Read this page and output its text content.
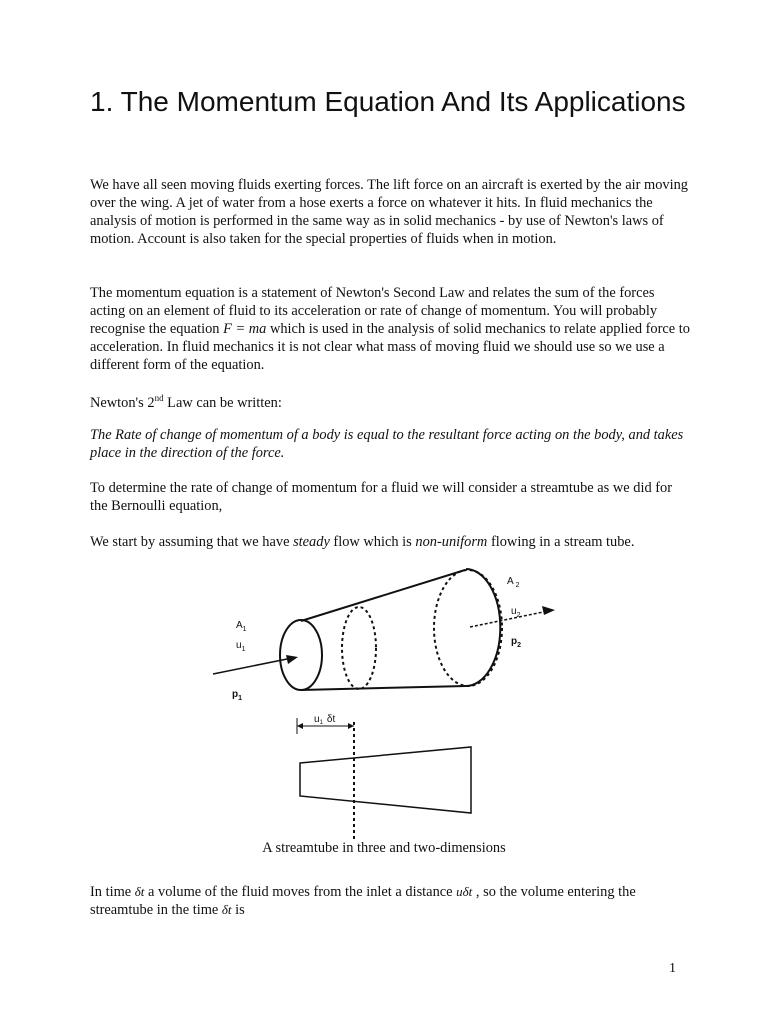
1. The Momentum Equation And Its Applications

We have all seen moving fluids exerting forces. The lift force on an aircraft is exerted by the air moving over the wing. A jet of water from a hose exerts a force on whatever it hits. In fluid mechanics the analysis of motion is performed in the same way as in solid mechanics - by use of Newton's laws of motion. Account is also taken for the special properties of fluids when in motion.

The momentum equation is a statement of Newton's Second Law and relates the sum of the forces acting on an element of fluid to its acceleration or rate of change of momentum. You will probably recognise the equation F = ma which is used in the analysis of solid mechanics to relate applied force to acceleration. In fluid mechanics it is not clear what mass of moving fluid we should use so we use a different form of the equation.

Newton's 2nd Law can be written:

The Rate of change of momentum of a body is equal to the resultant force acting on the body, and takes place in the direction of the force.

To determine the rate of change of momentum for a fluid we will consider a streamtube as we did for the Bernoulli equation,

We start by assuming that we have steady flow which is non-uniform flowing in a stream tube.

$A_1$
$u_1$
$p_1$
A $_2$
$u_2$
$p_2$
$u_1$ δt
A streamtube in three and two-dimensions

In time δt a volume of the fluid moves from the inlet a distance uδt , so the volume entering the streamtube in the time δt is

1
